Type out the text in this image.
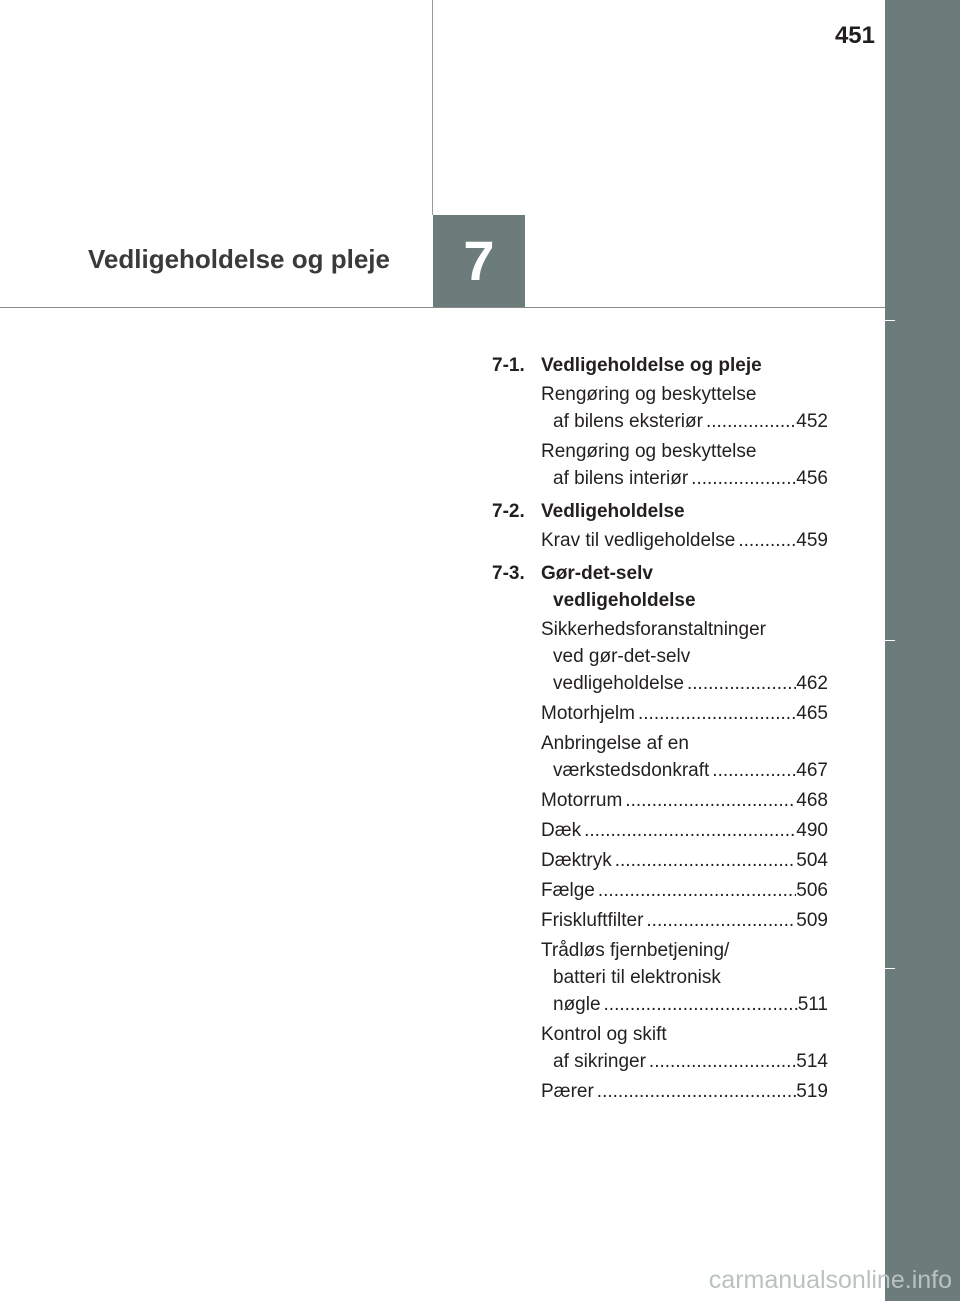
451
Vedligeholdelse og pleje	7
7-1. Vedligeholdelse og pleje
Rengøring og beskyttelse
af bilens eksteriør .....	452
Rengøring og beskyttelse
af bilens interiør .....	456
7-2. Vedligeholdelse
Krav til vedligeholdelse .....	459
7-3. Gør-det-selv
vedligeholdelse
Sikkerhedsforanstaltninger
ved gør-det-selv
vedligeholdelse .....	462
Motorhjelm .....	465
Anbringelse af en
værkstedsdonkraft .....	467
Motorrum .....	468
Dæk .....	490
Dæktryk .....	504
Fælge .....	506
Friskluftfilter .....	509
Trådløs fjernbetjening/
batteri til elektronisk
nøgle .....	511
Kontrol og skift
af sikringer .....	514
Pærer .....	519
carmanualsonline.info
